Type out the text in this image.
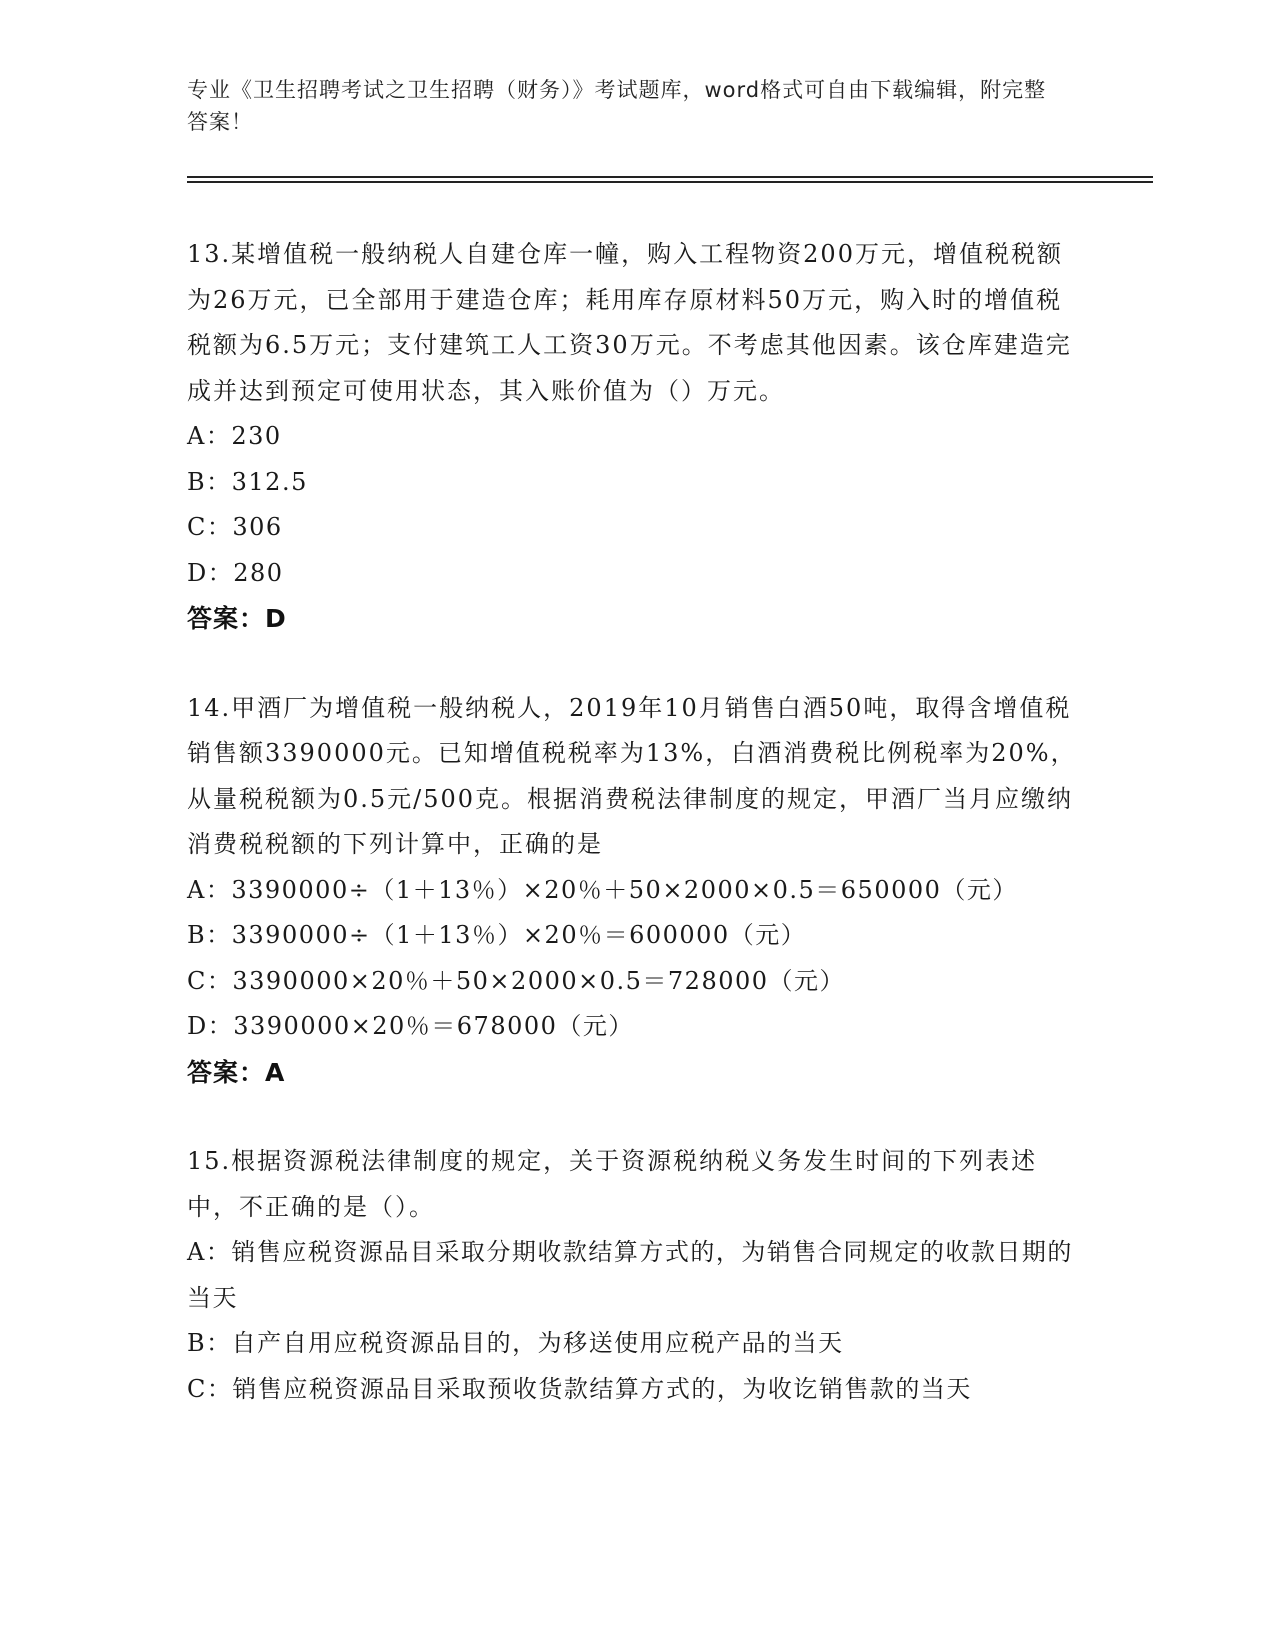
专业《卫生招聘考试之卫生招聘（财务）》考试题库，word格式可自由下载编辑，附完整答案！

13.某增值税一般纳税人自建仓库一幢，购入工程物资200万元，增值税税额为26万元，已全部用于建造仓库；耗用库存原材料50万元，购入时的增值税税额为6.5万元；支付建筑工人工资30万元。不考虑其他因素。该仓库建造完成并达到预定可使用状态，其入账价值为（）万元。

A：230

B：312.5

C：306

D：280

答案：D

14.甲酒厂为增值税一般纳税人，2019年10月销售白酒50吨，取得含增值税销售额3390000元。已知增值税税率为13%，白酒消费税比例税率为20%，从量税税额为0.5元/500克。根据消费税法律制度的规定，甲酒厂当月应缴纳消费税税额的下列计算中，正确的是

A：3390000÷（1＋13％）×20％＋50×2000×0.5＝650000（元）

B：3390000÷（1＋13％）×20％＝600000（元）

C：3390000×20％＋50×2000×0.5＝728000（元）

D：3390000×20％＝678000（元）

答案：A

15.根据资源税法律制度的规定，关于资源税纳税义务发生时间的下列表述中，不正确的是（）。

A：销售应税资源品目采取分期收款结算方式的，为销售合同规定的收款日期的当天

B：自产自用应税资源品目的，为移送使用应税产品的当天

C：销售应税资源品目采取预收货款结算方式的，为收讫销售款的当天
